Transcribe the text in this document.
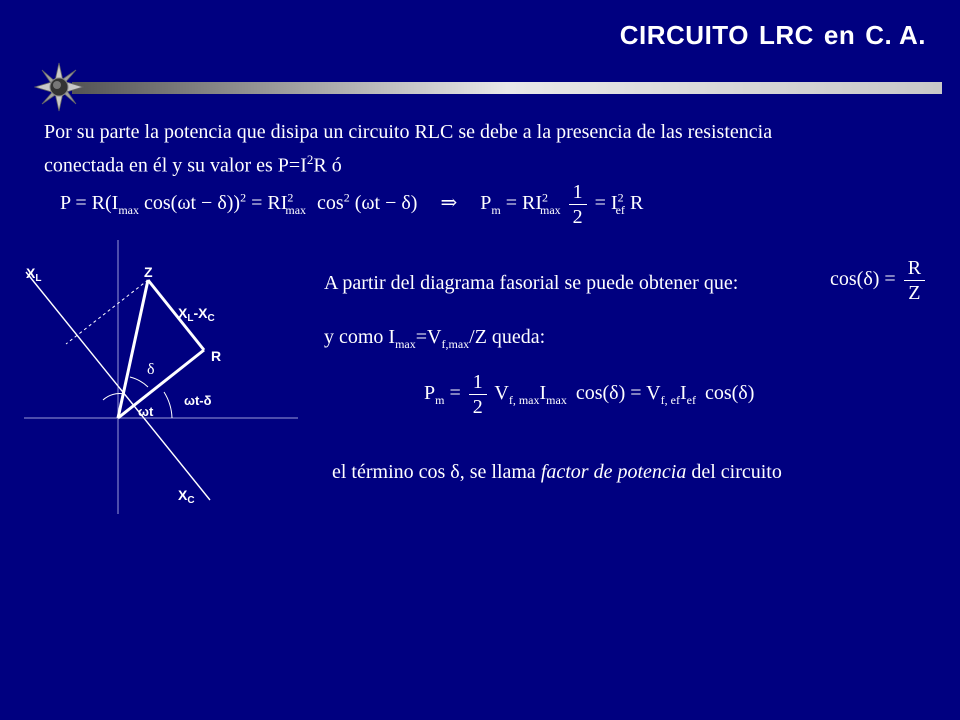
CIRCUITO LRC en C. A.
Por su parte la potencia que disipa un circuito RLC se debe a la presencia de las resistencia
conectada en él y su valor es $P=I^2R$ ó
$P = R(I_{max}$ $\cos(\omega t - \delta))^2 = RI^2_{max}$ $\cos^2 (\omega t - \delta)$ ⇒ $P_m = RI^2_{max} \frac{1}{2} = I^2_{ef}$ R
$X_L$	Z
$X_L-X_C$
R
δ
ωt
ωt-δ
$X_C$
A partir del diagrama fasorial se puede obtener que:	$\cos(\delta) = \frac{R}{Z}$
y como $I_{max}=V_{f,max}/Z$ queda:
$P_m = \frac{1}{2} V_{f, max}I_{max}$ $\cos(\delta) = V_{f, ef}I_{ef}$ cos(δ)
el término cos δ, se llama factor de potencia del circuito
